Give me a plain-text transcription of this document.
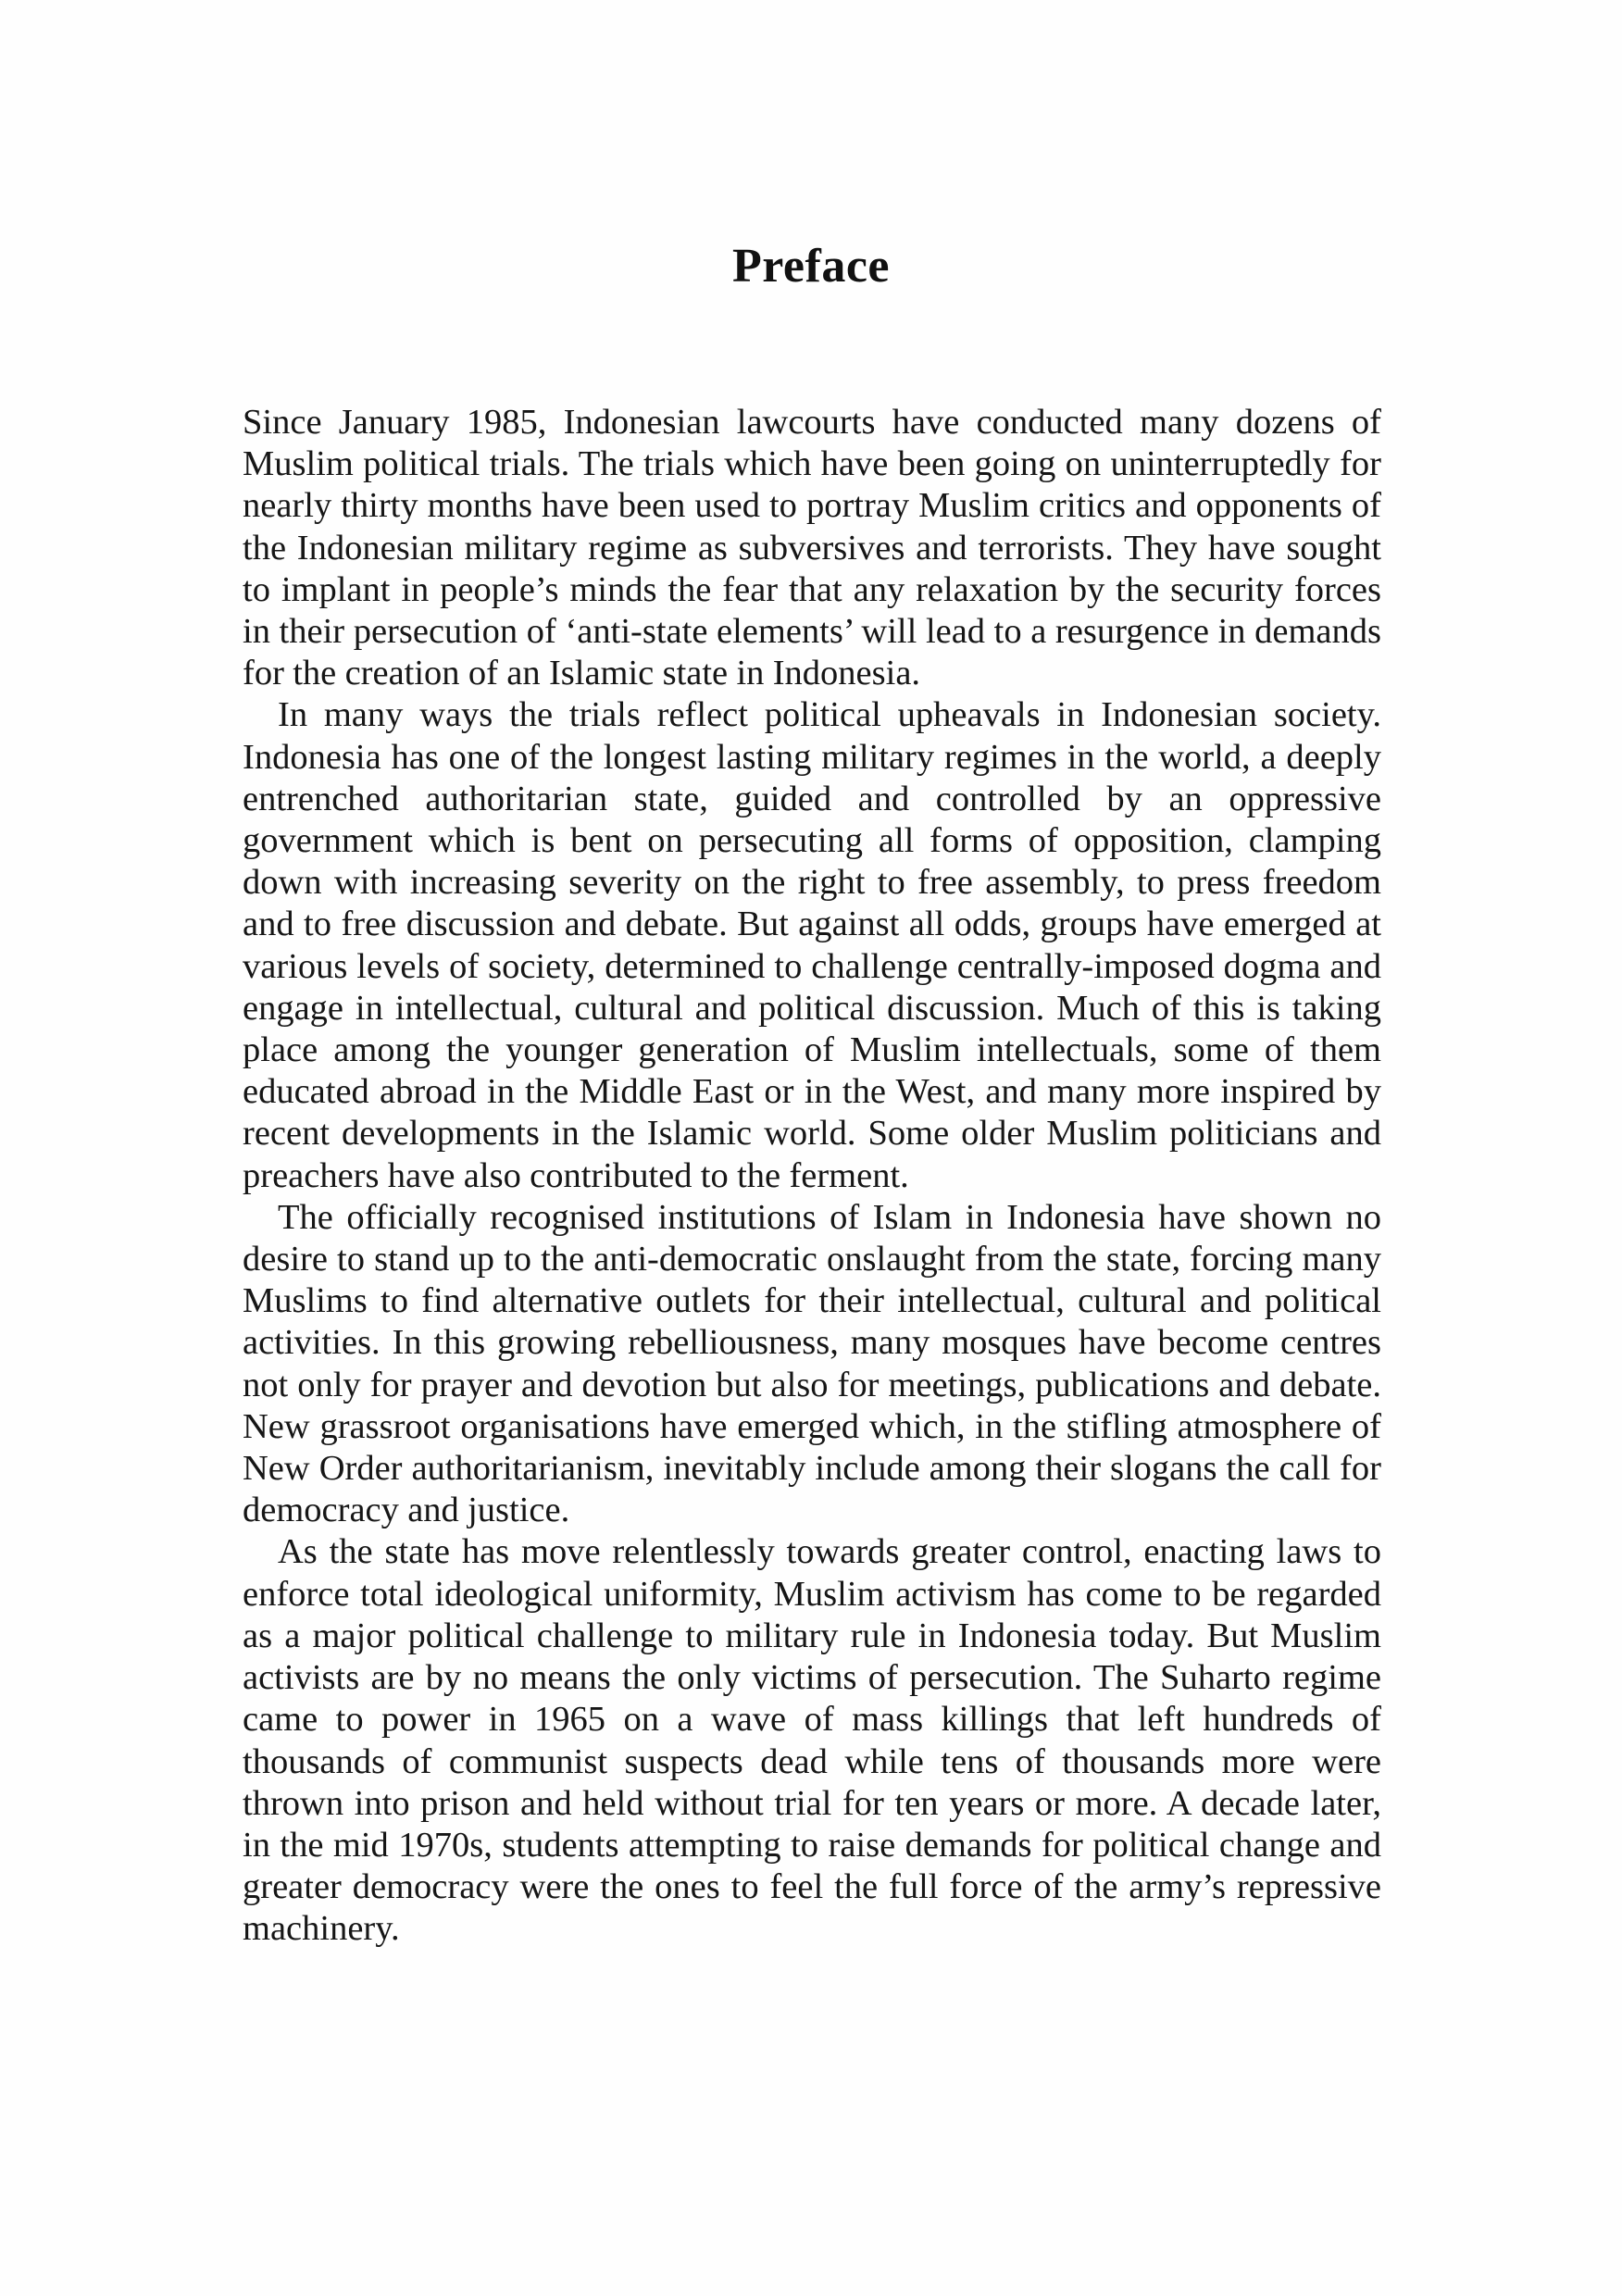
Preface

Since January 1985, Indonesian lawcourts have conducted many dozens of Muslim political trials. The trials which have been going on uninterruptedly for nearly thirty months have been used to portray Muslim critics and opponents of the Indonesian military regime as subversives and terrorists. They have sought to implant in people’s minds the fear that any relaxation by the security forces in their persecution of ‘anti-state elements’ will lead to a resurgence in demands for the creation of an Islamic state in Indonesia.

In many ways the trials reflect political upheavals in Indonesian society. Indonesia has one of the longest lasting military regimes in the world, a deeply entrenched authoritarian state, guided and controlled by an oppressive government which is bent on persecuting all forms of opposition, clamping down with increasing severity on the right to free assembly, to press freedom and to free discussion and debate. But against all odds, groups have emerged at various levels of society, determined to challenge centrally-imposed dogma and engage in intellectual, cultural and political discussion. Much of this is taking place among the younger generation of Muslim intellectuals, some of them educated abroad in the Middle East or in the West, and many more inspired by recent developments in the Islamic world. Some older Muslim politicians and preachers have also contributed to the ferment.

The officially recognised institutions of Islam in Indonesia have shown no desire to stand up to the anti-democratic onslaught from the state, forcing many Muslims to find alternative outlets for their intellectual, cultural and political activities. In this growing rebelliousness, many mosques have become centres not only for prayer and devotion but also for meetings, publications and debate. New grassroot organisations have emerged which, in the stifling atmosphere of New Order authoritarianism, inevitably include among their slogans the call for democracy and justice.

As the state has move relentlessly towards greater control, enacting laws to enforce total ideological uniformity, Muslim activism has come to be regarded as a major political challenge to military rule in Indonesia today. But Muslim activists are by no means the only victims of persecution. The Suharto regime came to power in 1965 on a wave of mass killings that left hundreds of thousands of communist suspects dead while tens of thousands more were thrown into prison and held without trial for ten years or more. A decade later, in the mid 1970s, students attempting to raise demands for political change and greater democracy were the ones to feel the full force of the army’s repressive machinery.
